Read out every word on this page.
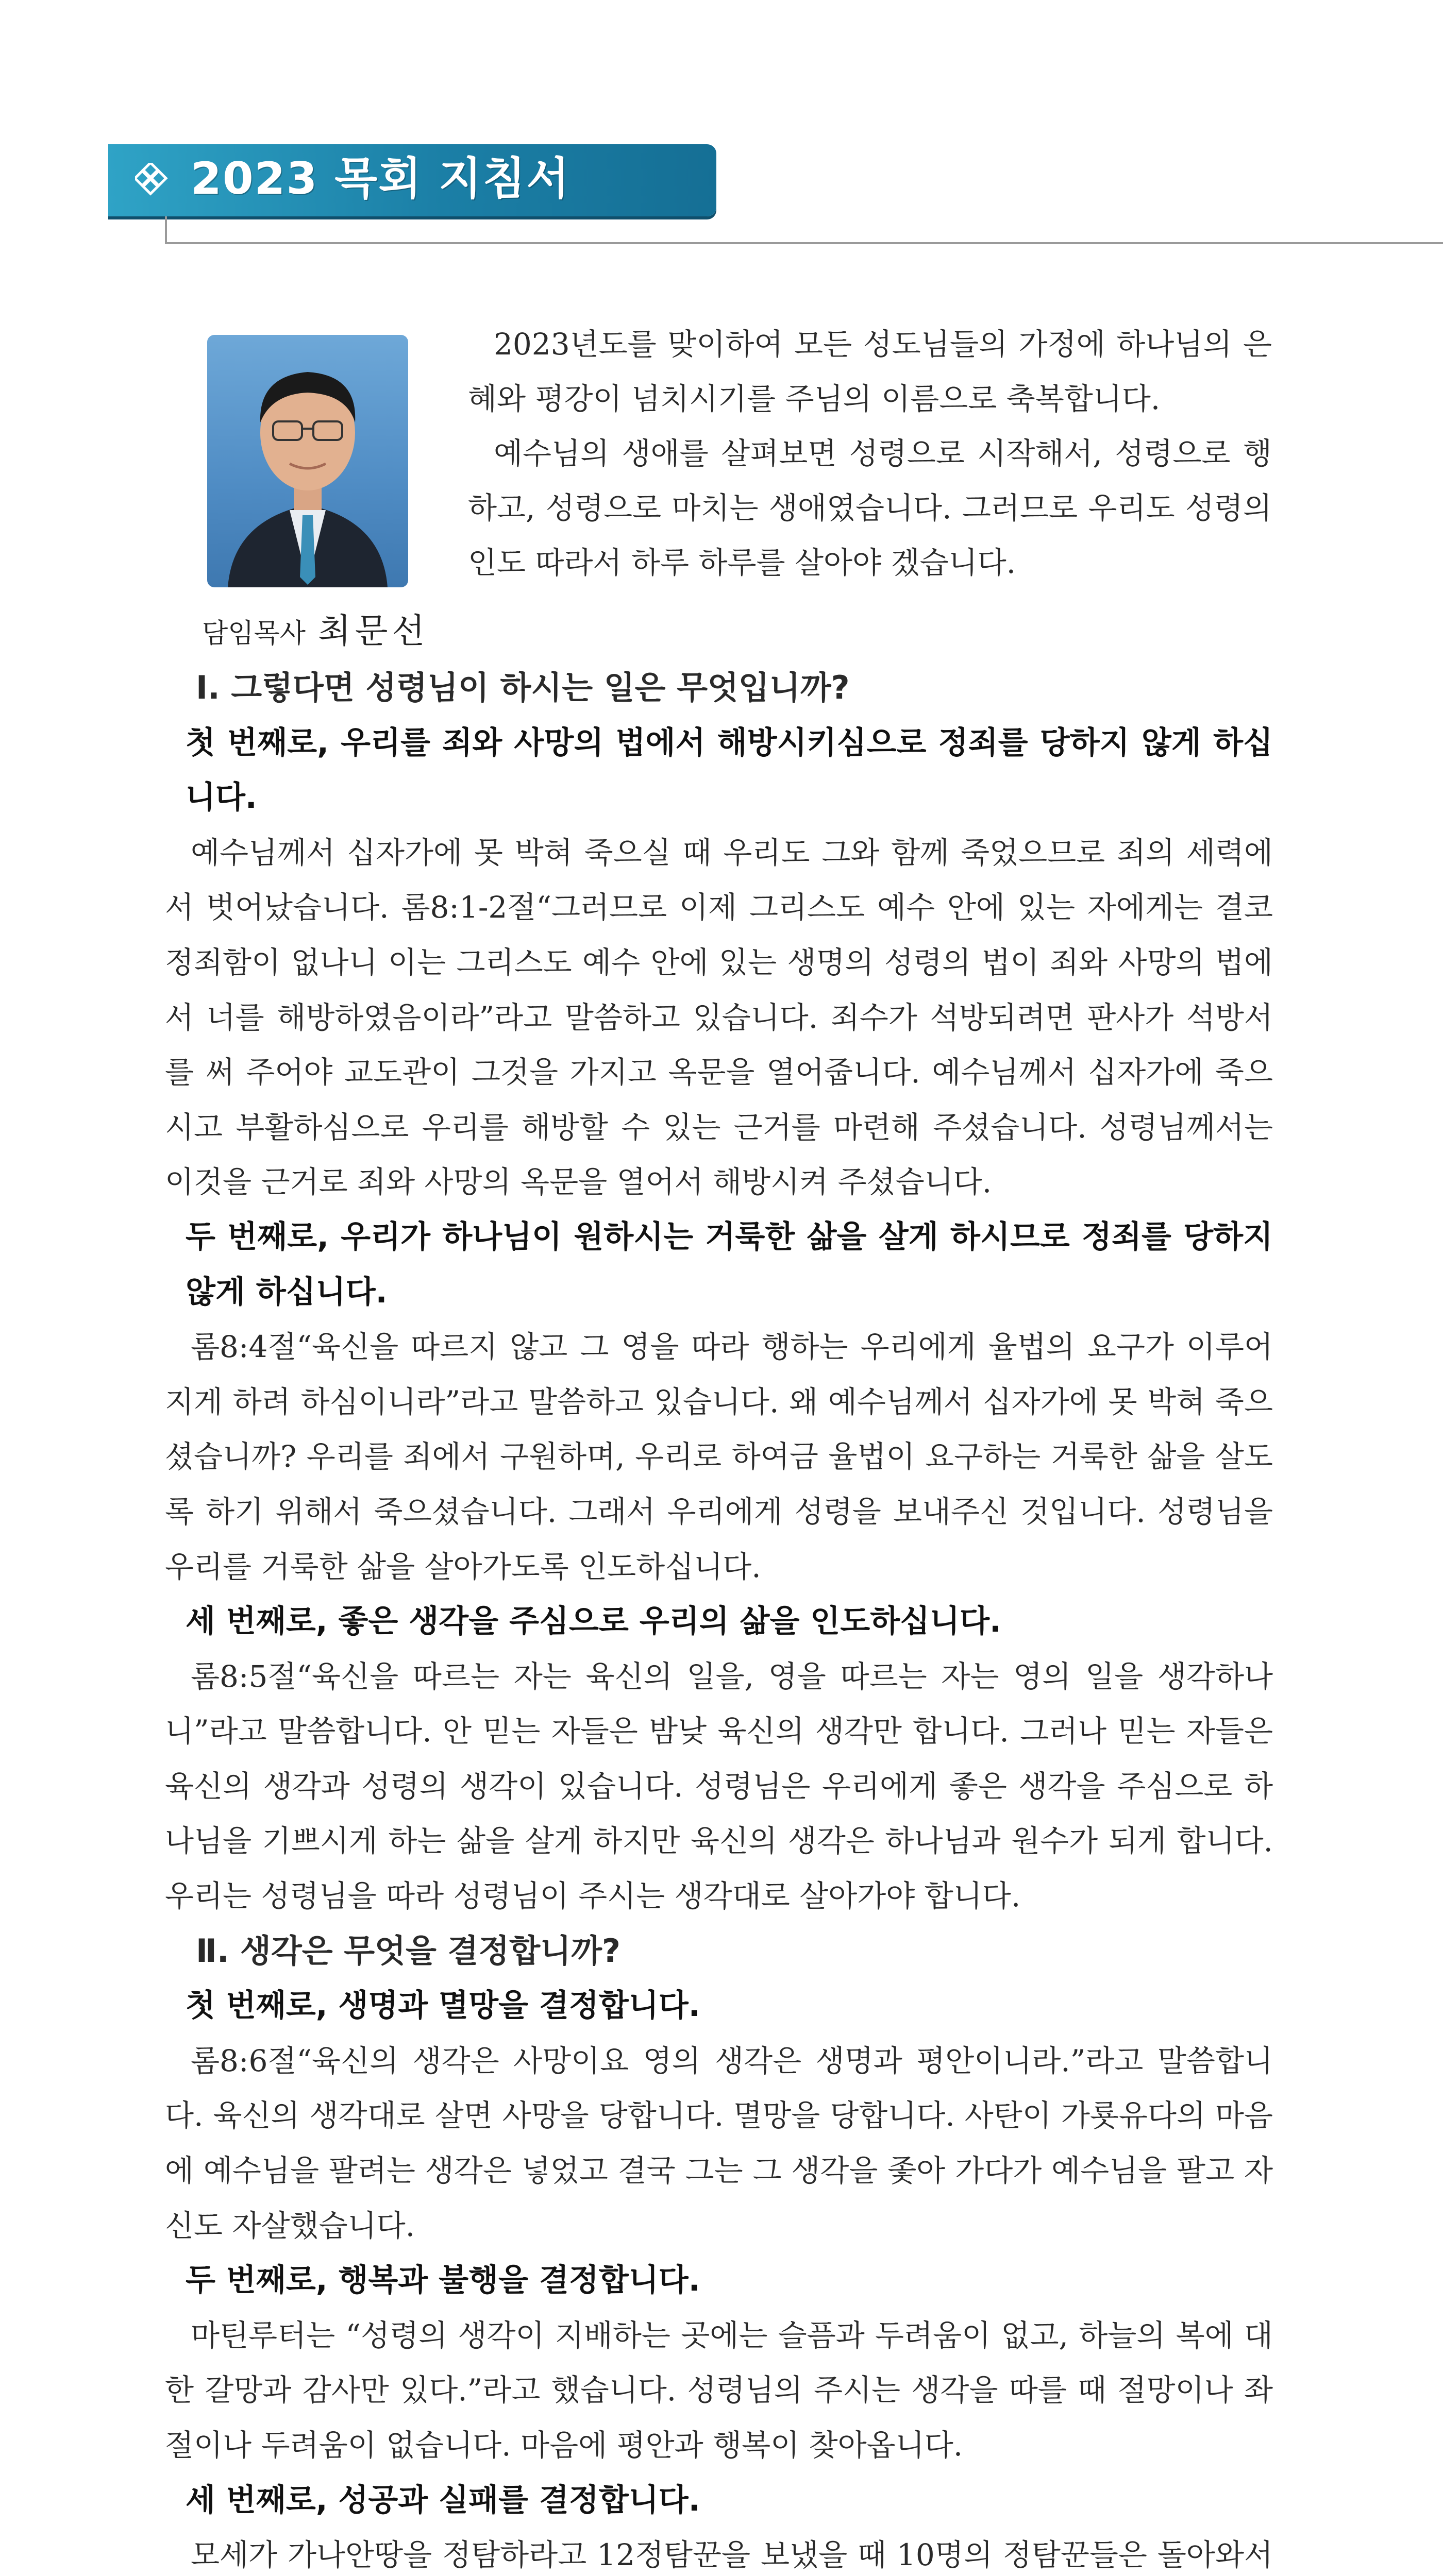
2023 목회 지침서
담임목사 최문선

2023년도를 맞이하여 모든 성도님들의 가정에 하나님의 은혜와 평강이 넘치시기를 주님의 이름으로 축복합니다.

예수님의 생애를 살펴보면 성령으로 시작해서, 성령으로 행하고, 성령으로 마치는 생애였습니다. 그러므로 우리도 성령의 인도 따라서 하루 하루를 살아야 겠습니다.

Ⅰ. 그렇다면 성령님이 하시는 일은 무엇입니까?

첫 번째로, 우리를 죄와 사망의 법에서 해방시키심으로 정죄를 당하지 않게 하십니다.

예수님께서 십자가에 못 박혀 죽으실 때 우리도 그와 함께 죽었으므로 죄의 세력에서 벗어났습니다. 롬8:1-2절“그러므로 이제 그리스도 예수 안에 있는 자에게는 결코 정죄함이 없나니 이는 그리스도 예수 안에 있는 생명의 성령의 법이 죄와 사망의 법에서 너를 해방하였음이라”라고 말씀하고 있습니다. 죄수가 석방되려면 판사가 석방서를 써 주어야 교도관이 그것을 가지고 옥문을 열어줍니다. 예수님께서 십자가에 죽으시고 부활하심으로 우리를 해방할 수 있는 근거를 마련해 주셨습니다. 성령님께서는 이것을 근거로 죄와 사망의 옥문을 열어서 해방시켜 주셨습니다.

두 번째로, 우리가 하나님이 원하시는 거룩한 삶을 살게 하시므로 정죄를 당하지 않게 하십니다.

롬8:4절“육신을 따르지 않고 그 영을 따라 행하는 우리에게 율법의 요구가 이루어지게 하려 하심이니라”라고 말씀하고 있습니다. 왜 예수님께서 십자가에 못 박혀 죽으셨습니까? 우리를 죄에서 구원하며, 우리로 하여금 율법이 요구하는 거룩한 삶을 살도록 하기 위해서 죽으셨습니다. 그래서 우리에게 성령을 보내주신 것입니다. 성령님을 우리를 거룩한 삶을 살아가도록 인도하십니다.

세 번째로, 좋은 생각을 주심으로 우리의 삶을 인도하십니다.

롬8:5절“육신을 따르는 자는 육신의 일을, 영을 따르는 자는 영의 일을 생각하나니”라고 말씀합니다. 안 믿는 자들은 밤낮 육신의 생각만 합니다. 그러나 믿는 자들은 육신의 생각과 성령의 생각이 있습니다. 성령님은 우리에게 좋은 생각을 주심으로 하나님을 기쁘시게 하는 삶을 살게 하지만 육신의 생각은 하나님과 원수가 되게 합니다. 우리는 성령님을 따라 성령님이 주시는 생각대로 살아가야 합니다.

Ⅱ. 생각은 무엇을 결정합니까?

첫 번째로, 생명과 멸망을 결정합니다.

롬8:6절“육신의 생각은 사망이요 영의 생각은 생명과 평안이니라.”라고 말씀합니다. 육신의 생각대로 살면 사망을 당합니다. 멸망을 당합니다. 사탄이 가룟유다의 마음에 예수님을 팔려는 생각은 넣었고 결국 그는 그 생각을 좇아 가다가 예수님을 팔고 자신도 자살했습니다.

두 번째로, 행복과 불행을 결정합니다.

마틴루터는 “성령의 생각이 지배하는 곳에는 슬픔과 두려움이 없고, 하늘의 복에 대한 갈망과 감사만 있다.”라고 했습니다. 성령님의 주시는 생각을 따를 때 절망이나 좌절이나 두려움이 없습니다. 마음에 평안과 행복이 찾아옵니다.

세 번째로, 성공과 실패를 결정합니다.

모세가 가나안땅을 정탐하라고 12정탐꾼을 보냈을 때 10명의 정탐꾼들은 돌아와서
